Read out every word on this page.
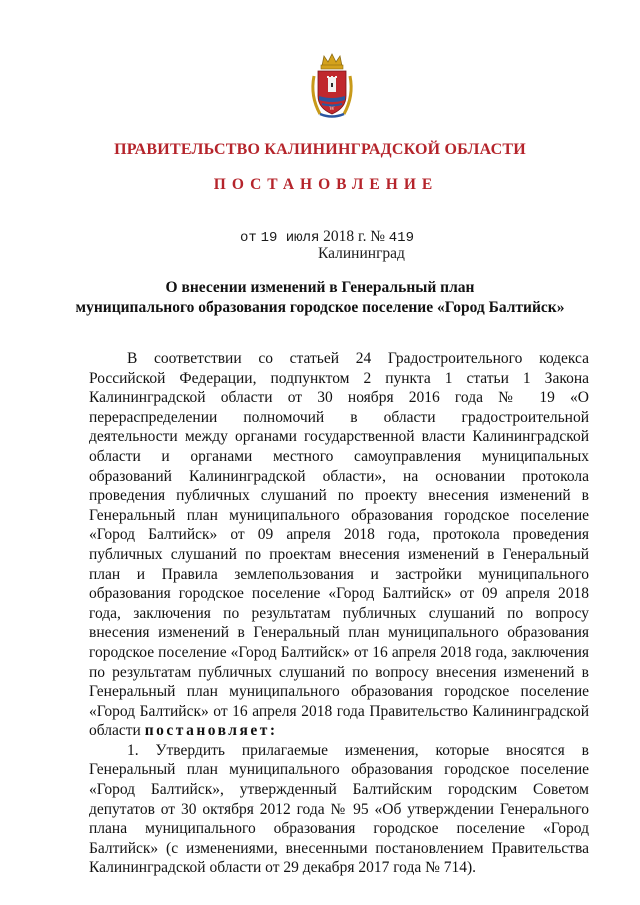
W
ПРАВИТЕЛЬСТВО КАЛИНИНГРАДСКОЙ ОБЛАСТИ
ПОСТАНОВЛЕНИЕ
от 19 июля 2018 г. № 419
Калининград
О внесении изменений в Генеральный план
муниципального образования городское поселение «Город Балтийск»

В соответствии со статьей 24 Градостроительного кодекса Российской Федерации, подпунктом 2 пункта 1 статьи 1 Закона Калининградской области от 30 ноября 2016 года № 19 «О перераспределении полномочий в области градостроительной деятельности между органами государственной власти Калининградской области и органами местного самоуправления муниципальных образований Калининградской области», на основании протокола проведения публичных слушаний по проекту внесения изменений в Генеральный план муниципального образования городское поселение «Город Балтийск» от 09 апреля 2018 года, протокола проведения публичных слушаний по проектам внесения изменений в Генеральный план и Правила землепользования и застройки муниципального образования городское поселение «Город Балтийск» от 09 апреля 2018 года, заключения по результатам публичных слушаний по вопросу внесения изменений в Генеральный план муниципального образования городское поселение «Город Балтийск» от 16 апреля 2018 года, заключения по результатам публичных слушаний по вопросу внесения изменений в Генеральный план муниципального образования городское поселение «Город Балтийск» от 16 апреля 2018 года Правительство Калининградской области постановляет:

1. Утвердить прилагаемые изменения, которые вносятся в Генеральный план муниципального образования городское поселение «Город Балтийск», утвержденный Балтийским городским Советом депутатов от 30 октября 2012 года № 95 «Об утверждении Генерального плана муниципального образования городское поселение «Город Балтийск» (с изменениями, внесенными постановлением Правительства Калининградской области от 29 декабря 2017 года № 714).
